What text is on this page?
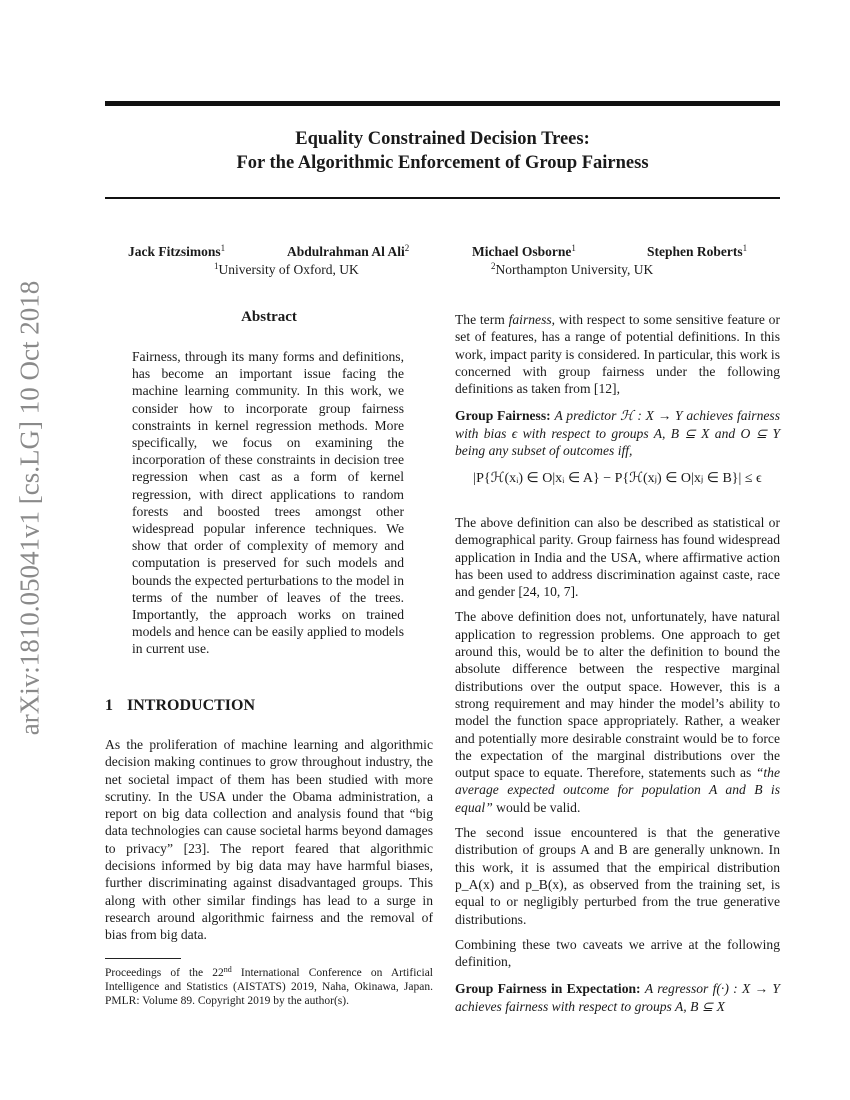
arXiv:1810.05041v1 [cs.LG] 10 Oct 2018
Equality Constrained Decision Trees:
For the Algorithmic Enforcement of Group Fairness
Jack Fitzsimons$^1$	Abdulrahman Al Ali$^2$	Michael Osborne$^1$	Stephen Roberts$^1$
$^1$University of Oxford, UK	$^2$Northampton University, UK
Abstract
Fairness, through its many forms and definitions, has become an important issue facing the machine learning community. In this work, we consider how to incorporate group fairness constraints in kernel regression methods. More specifically, we focus on examining the incorporation of these constraints in decision tree regression when cast as a form of kernel regression, with direct applications to random forests and boosted trees amongst other widespread popular inference techniques. We show that order of complexity of memory and computation is preserved for such models and bounds the expected perturbations to the model in terms of the number of leaves of the trees. Importantly, the approach works on trained models and hence can be easily applied to models in current use.
1 INTRODUCTION

As the proliferation of machine learning and algorithmic decision making continues to grow throughout industry, the net societal impact of them has been studied with more scrutiny. In the USA under the Obama administration, a report on big data collection and analysis found that “big data technologies can cause societal harms beyond damages to privacy” [23]. The report feared that algorithmic decisions informed by big data may have harmful biases, further discriminating against disadvantaged groups. This along with other similar findings has lead to a surge in research around algorithmic fairness and the removal of bias from big data.

Proceedings of the 22nd International Conference on Artificial Intelligence and Statistics (AISTATS) 2019, Naha, Okinawa, Japan. PMLR: Volume 89. Copyright 2019 by the author(s).

The term fairness, with respect to some sensitive feature or set of features, has a range of potential definitions. In this work, impact parity is considered. In particular, this work is concerned with group fairness under the following definitions as taken from [12],

Group Fairness: A predictor ℋ : X → Y achieves fairness with bias ϵ with respect to groups A, B ⊆ X and O ⊆ Y being any subset of outcomes iff,

|P{ℋ(xᵢ) ∈ O|xᵢ ∈ A} − P{ℋ(xⱼ) ∈ O|xⱼ ∈ B}| ≤ ϵ

The above definition can also be described as statistical or demographical parity. Group fairness has found widespread application in India and the USA, where affirmative action has been used to address discrimination against caste, race and gender [24, 10, 7].

The above definition does not, unfortunately, have natural application to regression problems. One approach to get around this, would be to alter the definition to bound the absolute difference between the respective marginal distributions over the output space. However, this is a strong requirement and may hinder the model’s ability to model the function space appropriately. Rather, a weaker and potentially more desirable constraint would be to force the expectation of the marginal distributions over the output space to equate. Therefore, statements such as “the average expected outcome for population A and B is equal” would be valid.

The second issue encountered is that the generative distribution of groups A and B are generally unknown. In this work, it is assumed that the empirical distribution p_A(x) and p_B(x), as observed from the training set, is equal to or negligibly perturbed from the true generative distributions.

Combining these two caveats we arrive at the following definition,

Group Fairness in Expectation: A regressor f(·) : X → Y achieves fairness with respect to groups A, B ⊆ X
